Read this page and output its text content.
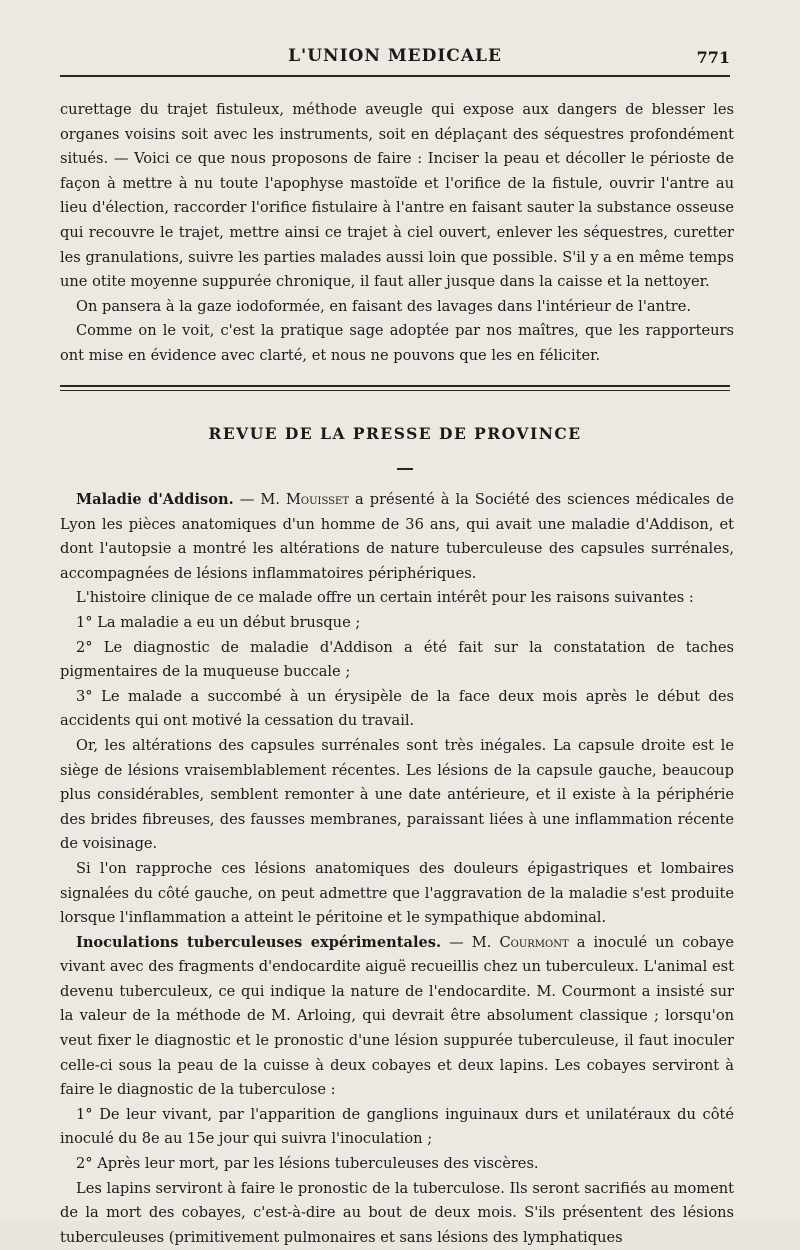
L'UNION MEDICALE	771

curettage du trajet fistuleux, méthode aveugle qui expose aux dangers de blesser les organes voisins soit avec les instruments, soit en déplaçant des séquestres profondément situés. — Voici ce que nous proposons de faire : Inciser la peau et décoller le périoste de façon à mettre à nu toute l'apophyse mastoïde et l'orifice de la fistule, ouvrir l'antre au lieu d'élection, raccorder l'orifice fistulaire à l'antre en faisant sauter la substance osseuse qui recouvre le trajet, mettre ainsi ce trajet à ciel ouvert, enlever les séquestres, curetter les granulations, suivre les parties malades aussi loin que possible. S'il y a en même temps une otite moyenne suppurée chronique, il faut aller jusque dans la caisse et la nettoyer.

On pansera à la gaze iodoformée, en faisant des lavages dans l'intérieur de l'antre.

Comme on le voit, c'est la pratique sage adoptée par nos maîtres, que les rapporteurs ont mise en évidence avec clarté, et nous ne pouvons que les en féliciter.

REVUE DE LA PRESSE DE PROVINCE

Maladie d'Addison. — M. Mouisset a présenté à la Société des sciences médicales de Lyon les pièces anatomiques d'un homme de 36 ans, qui avait une maladie d'Addison, et dont l'autopsie a montré les altérations de nature tuberculeuse des capsules surrénales, accompagnées de lésions inflammatoires périphériques.

L'histoire clinique de ce malade offre un certain intérêt pour les raisons suivantes :

1° La maladie a eu un début brusque ;

2° Le diagnostic de maladie d'Addison a été fait sur la constatation de taches pigmentaires de la muqueuse buccale ;

3° Le malade a succombé à un érysipèle de la face deux mois après le début des accidents qui ont motivé la cessation du travail.

Or, les altérations des capsules surrénales sont très inégales. La capsule droite est le siège de lésions vraisemblablement récentes. Les lésions de la capsule gauche, beaucoup plus considérables, semblent remonter à une date antérieure, et il existe à la périphérie des brides fibreuses, des fausses membranes, paraissant liées à une inflammation récente de voisinage.

Si l'on rapproche ces lésions anatomiques des douleurs épigastriques et lombaires signalées du côté gauche, on peut admettre que l'aggravation de la maladie s'est produite lorsque l'inflammation a atteint le péritoine et le sympathique abdominal.

Inoculations tuberculeuses expérimentales. — M. Courmont a inoculé un cobaye vivant avec des fragments d'endocardite aiguë recueillis chez un tuberculeux. L'animal est devenu tuberculeux, ce qui indique la nature de l'endocardite. M. Courmont a insisté sur la valeur de la méthode de M. Arloing, qui devrait être absolument classique ; lorsqu'on veut fixer le diagnostic et le pronostic d'une lésion suppurée tuberculeuse, il faut inoculer celle-ci sous la peau de la cuisse à deux cobayes et deux lapins. Les cobayes serviront à faire le diagnostic de la tuberculose :

1° De leur vivant, par l'apparition de ganglions inguinaux durs et unilatéraux du côté inoculé du 8e au 15e jour qui suivra l'inoculation ;

2° Après leur mort, par les lésions tuberculeuses des viscères.

Les lapins serviront à faire le pronostic de la tuberculose. Ils seront sacrifiés au moment de la mort des cobayes, c'est-à-dire au bout de deux mois. S'ils présentent des lésions tuberculeuses (primitivement pulmonaires et sans lésions des lymphatiques
